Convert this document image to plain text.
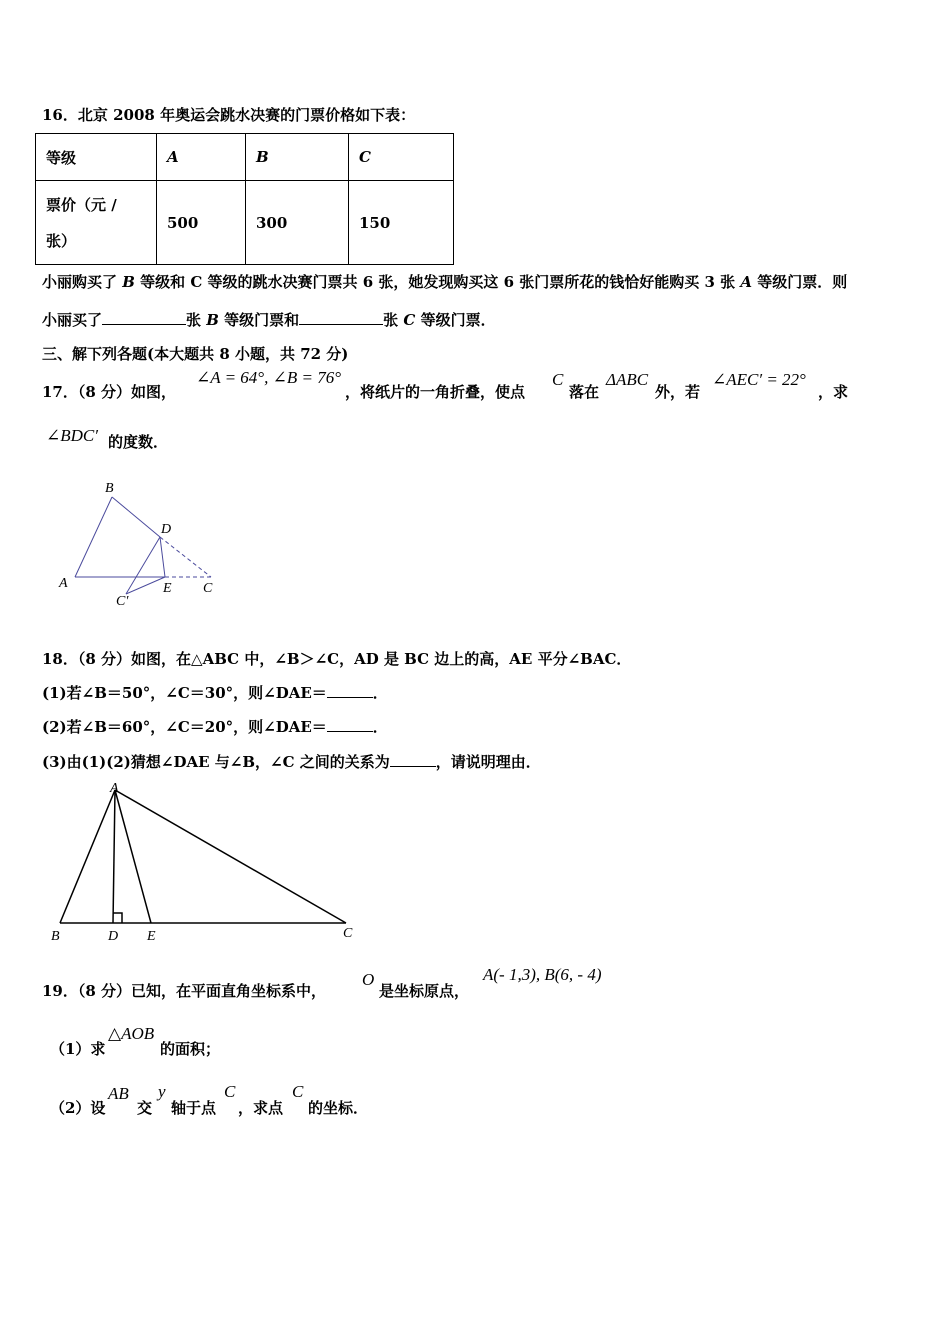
16．北京 2008 年奥运会跳水决赛的门票价格如下表：
等级	A	B	C

票价（元 /
张）	500	300	150
小丽购买了 B 等级和 C 等级的跳水决赛门票共 6 张，她发现购买这 6 张门票所花的钱恰好能购买 3 张 A 等级门票．则
小丽买了	张 B 等级门票和	张 C 等级门票．
三、解下列各题(本大题共 8 小题，共 72 分)
17．（8 分）如图，
∠A = 64°, ∠B = 76°
，将纸片的一角折叠，使点
C
落在
ΔABC
外，若
∠AEC′ = 22°
，求
∠BDC′ 的度数．
B
D
A	E C
C′
18．（8 分）如图，在△ABC 中，∠B＞∠C，AD 是 BC 边上的高，AE 平分∠BAC．
(1)若∠B＝50°，∠C＝30°，则∠DAE＝	．
(2)若∠B＝60°，∠C＝20°，则∠DAE＝	．
(3)由(1)(2)猜想∠DAE 与∠B，∠C 之间的关系为	，请说明理由．
A
B	D E	C
19．（8 分）已知，在平面直角坐标系中，
O
是坐标原点，
A(- 1,3), B(6, - 4)
（1）求
△AOB
的面积；
（2）设
AB
交
y
轴于点
C
，求点
C
的坐标．
